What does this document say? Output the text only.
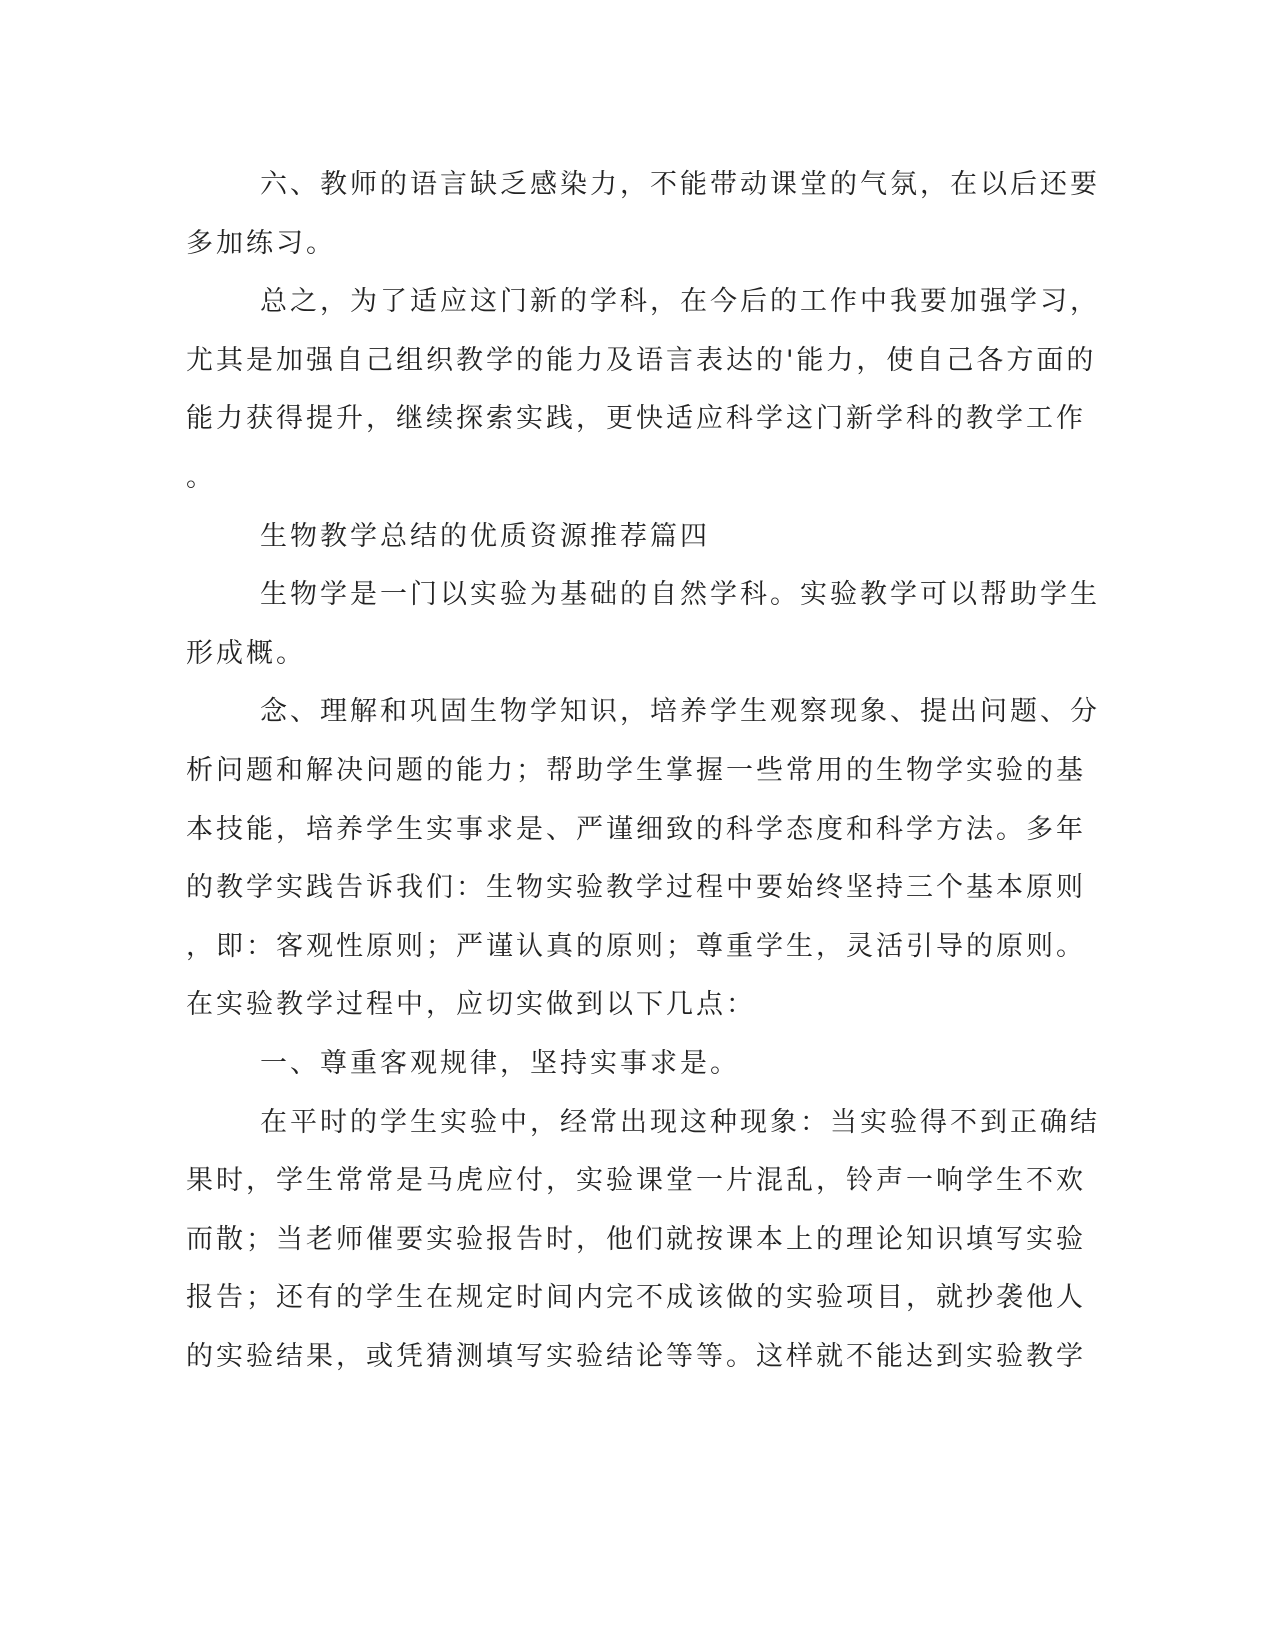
六、教师的语言缺乏感染力，不能带动课堂的气氛，在以后还要
多加练习。
总之，为了适应这门新的学科，在今后的工作中我要加强学习，
尤其是加强自己组织教学的能力及语言表达的'能力，使自己各方面的
能力获得提升，继续探索实践，更快适应科学这门新学科的教学工作
。
生物教学总结的优质资源推荐篇四
生物学是一门以实验为基础的自然学科。实验教学可以帮助学生
形成概。
念、理解和巩固生物学知识，培养学生观察现象、提出问题、分
析问题和解决问题的能力；帮助学生掌握一些常用的生物学实验的基
本技能，培养学生实事求是、严谨细致的科学态度和科学方法。多年
的教学实践告诉我们：生物实验教学过程中要始终坚持三个基本原则
，即：客观性原则；严谨认真的原则；尊重学生，灵活引导的原则。
在实验教学过程中，应切实做到以下几点：
一、尊重客观规律，坚持实事求是。
在平时的学生实验中，经常出现这种现象：当实验得不到正确结
果时，学生常常是马虎应付，实验课堂一片混乱，铃声一响学生不欢
而散；当老师催要实验报告时，他们就按课本上的理论知识填写实验
报告；还有的学生在规定时间内完不成该做的实验项目，就抄袭他人
的实验结果，或凭猜测填写实验结论等等。这样就不能达到实验教学
